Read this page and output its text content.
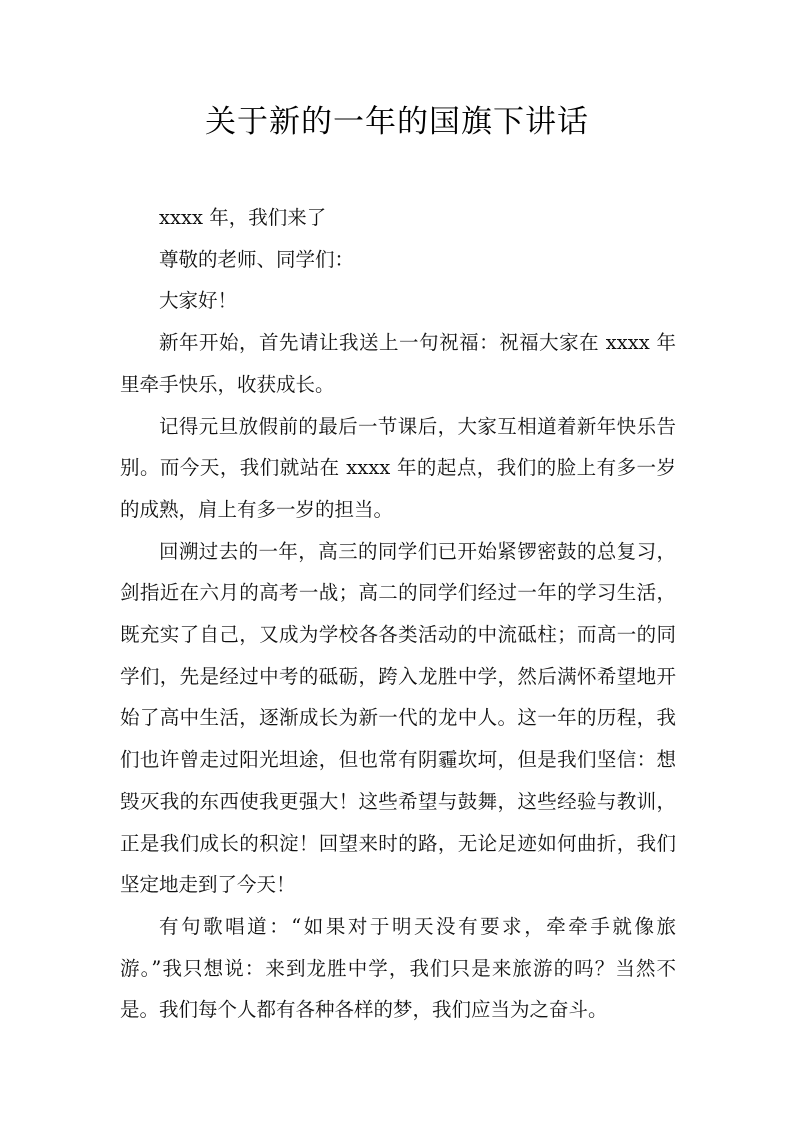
关于新的一年的国旗下讲话

xxxx 年，我们来了

尊敬的老师、同学们：

大家好！

新年开始，首先请让我送上一句祝福：祝福大家在 xxxx 年里牵手快乐，收获成长。

记得元旦放假前的最后一节课后，大家互相道着新年快乐告别。而今天，我们就站在 xxxx 年的起点，我们的脸上有多一岁的成熟，肩上有多一岁的担当。

回溯过去的一年，高三的同学们已开始紧锣密鼓的总复习，剑指近在六月的高考一战；高二的同学们经过一年的学习生活，既充实了自己，又成为学校各各类活动的中流砥柱；而高一的同学们，先是经过中考的砥砺，跨入龙胜中学，然后满怀希望地开始了高中生活，逐渐成长为新一代的龙中人。这一年的历程，我们也许曾走过阳光坦途，但也常有阴霾坎坷，但是我们坚信：想毁灭我的东西使我更强大！这些希望与鼓舞，这些经验与教训，正是我们成长的积淀！回望来时的路，无论足迹如何曲折，我们坚定地走到了今天！

有句歌唱道：“如果对于明天没有要求，牵牵手就像旅游。”我只想说：来到龙胜中学，我们只是来旅游的吗？当然不是。我们每个人都有各种各样的梦，我们应当为之奋斗。
